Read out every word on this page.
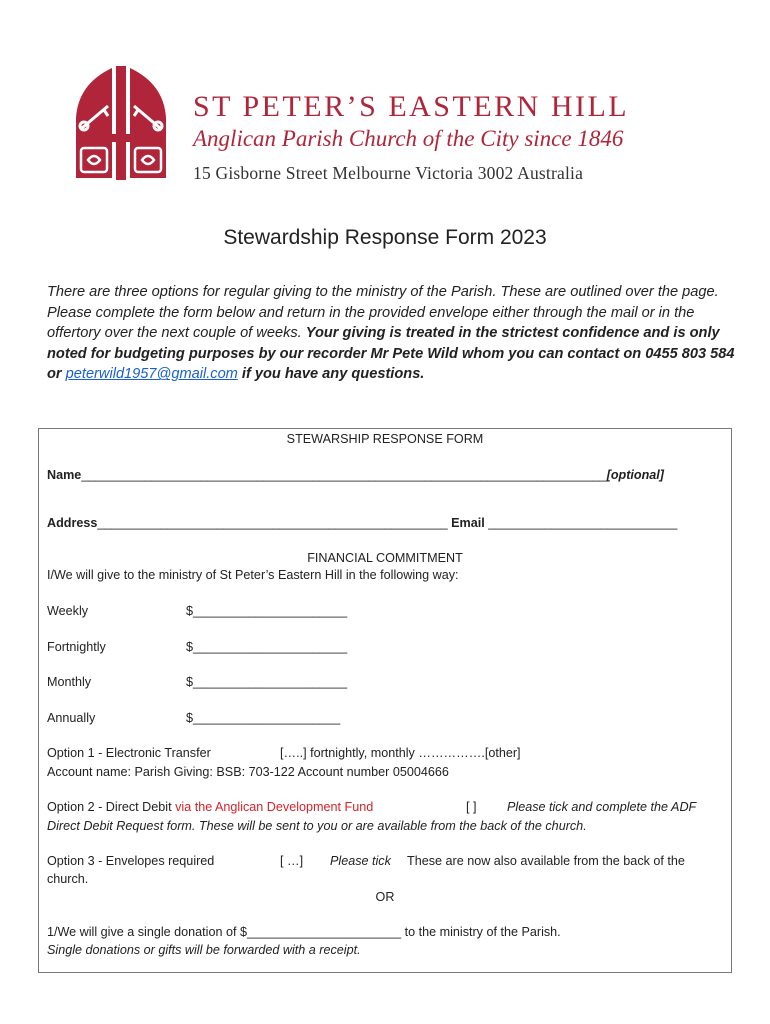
ST PETER’S EASTERN HILL
Anglican Parish Church of the City since 1846
15 Gisborne Street Melbourne Victoria 3002 Australia
Stewardship Response Form 2023
There are three options for regular giving to the ministry of the Parish. These are outlined over the page. Please complete the form below and return in the provided envelope either through the mail or in the offertory over the next couple of weeks. Your giving is treated in the strictest confidence and is only noted for budgeting purposes by our recorder Mr Pete Wild whom you can contact on 0455 803 584 or peterwild1957@gmail.com if you have any questions.
STEWARSHIP RESPONSE FORM
Name___________________________________________________________________________[optional]
Address__________________________________________________ Email ___________________________
FINANCIAL COMMITMENT
I/We will give to the ministry of St Peter’s Eastern Hill in the following way:
Weekly	$______________________
Fortnightly	$______________________
Monthly	$______________________
Annually	$_____________________
Option 1 - Electronic Transfer	[…..] fortnightly, monthly …………….[other]
Account name: Parish Giving: BSB: 703-122 Account number 05004666
Option 2 - Direct Debit via the Anglican Development Fund	[ ] Please tick and complete the ADF
Direct Debit Request form. These will be sent to you or are available from the back of the church.
Option 3 - Envelopes required	[ …] Please tick These are now also available from the back of the
church.
OR
1/We will give a single donation of $______________________ to the ministry of the Parish.
Single donations or gifts will be forwarded with a receipt.
